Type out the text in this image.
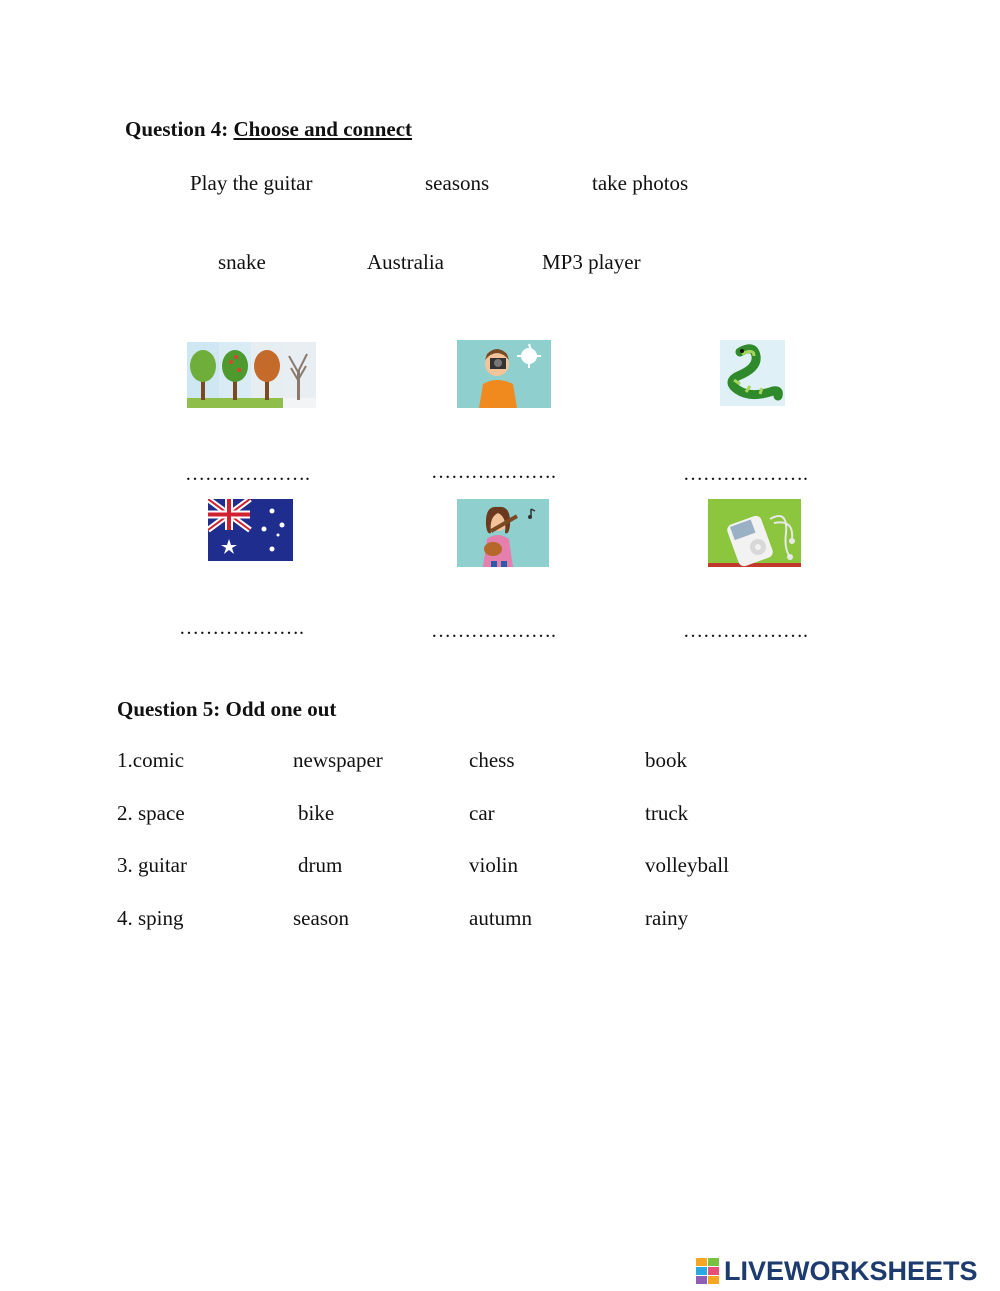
Question 4: Choose and connect
Play the guitar	seasons	take photos
snake	Australia	MP3 player
……………….	……………….	……………….
……………….	……………….	……………….
Question 5: Odd one out
1.comic	newspaper	chess	book
2. space	bike	car	truck
3. guitar	drum	violin	volleyball
4. sping	season	autumn	rainy
LIVEWORKSHEETS
